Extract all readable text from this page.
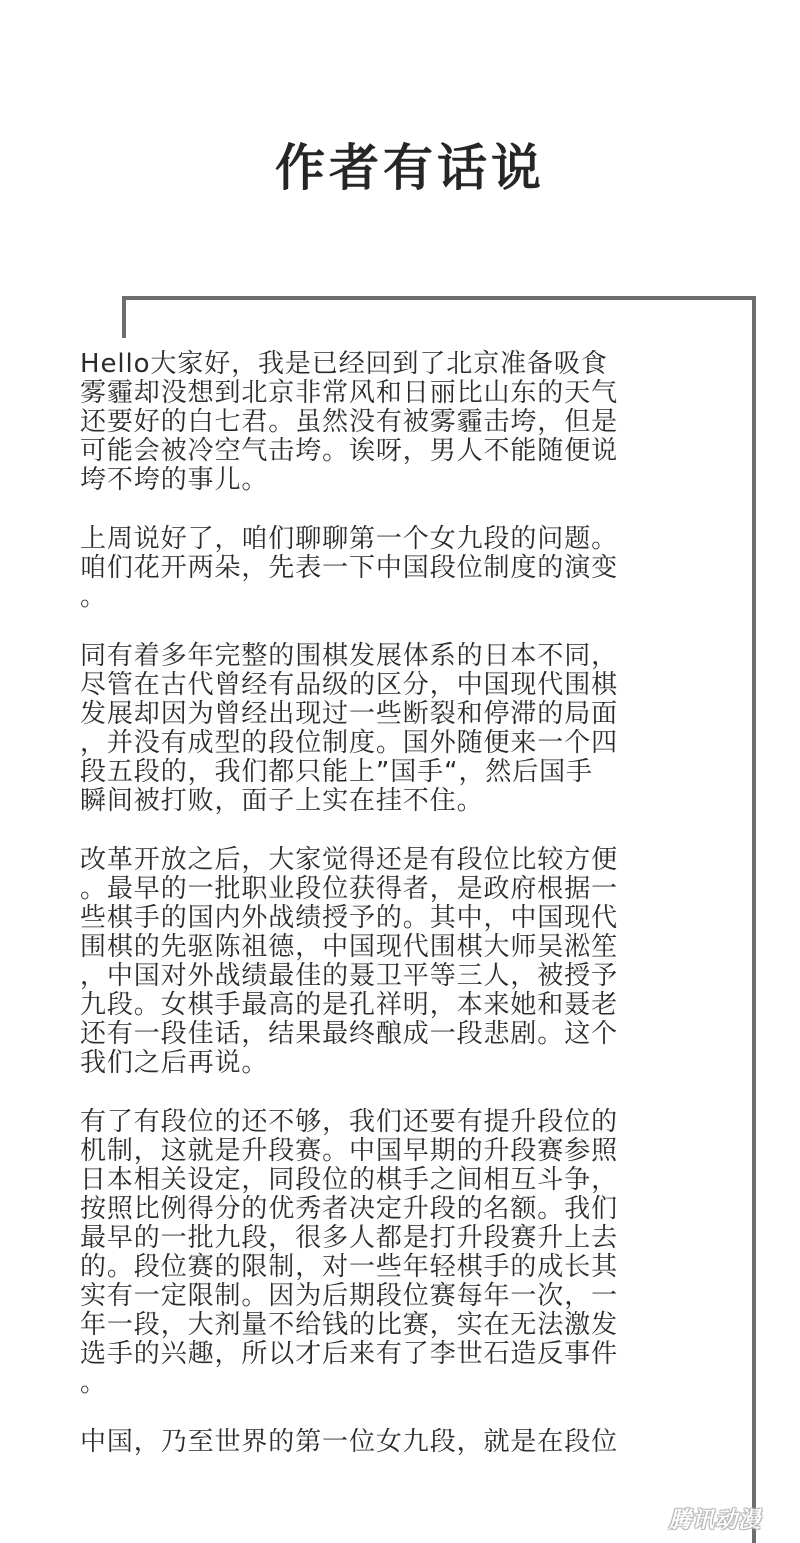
作者有话说
Hello大家好，我是已经回到了北京准备吸食
雾霾却没想到北京非常风和日丽比山东的天气
还要好的白七君。虽然没有被雾霾击垮，但是
可能会被冷空气击垮。诶呀，男人不能随便说
垮不垮的事儿。
上周说好了，咱们聊聊第一个女九段的问题。
咱们花开两朵，先表一下中国段位制度的演变
。
同有着多年完整的围棋发展体系的日本不同，
尽管在古代曾经有品级的区分，中国现代围棋
发展却因为曾经出现过一些断裂和停滞的局面
，并没有成型的段位制度。国外随便来一个四
段五段的，我们都只能上”国手“，然后国手
瞬间被打败，面子上实在挂不住。
改革开放之后，大家觉得还是有段位比较方便
。最早的一批职业段位获得者，是政府根据一
些棋手的国内外战绩授予的。其中，中国现代
围棋的先驱陈祖德，中国现代围棋大师吴淞笙
，中国对外战绩最佳的聂卫平等三人，被授予
九段。女棋手最高的是孔祥明，本来她和聂老
还有一段佳话，结果最终酿成一段悲剧。这个
我们之后再说。
有了有段位的还不够，我们还要有提升段位的
机制，这就是升段赛。中国早期的升段赛参照
日本相关设定，同段位的棋手之间相互斗争，
按照比例得分的优秀者决定升段的名额。我们
最早的一批九段，很多人都是打升段赛升上去
的。段位赛的限制，对一些年轻棋手的成长其
实有一定限制。因为后期段位赛每年一次，一
年一段，大剂量不给钱的比赛，实在无法激发
选手的兴趣，所以才后来有了李世石造反事件
。
中国，乃至世界的第一位女九段，就是在段位
腾讯动漫
